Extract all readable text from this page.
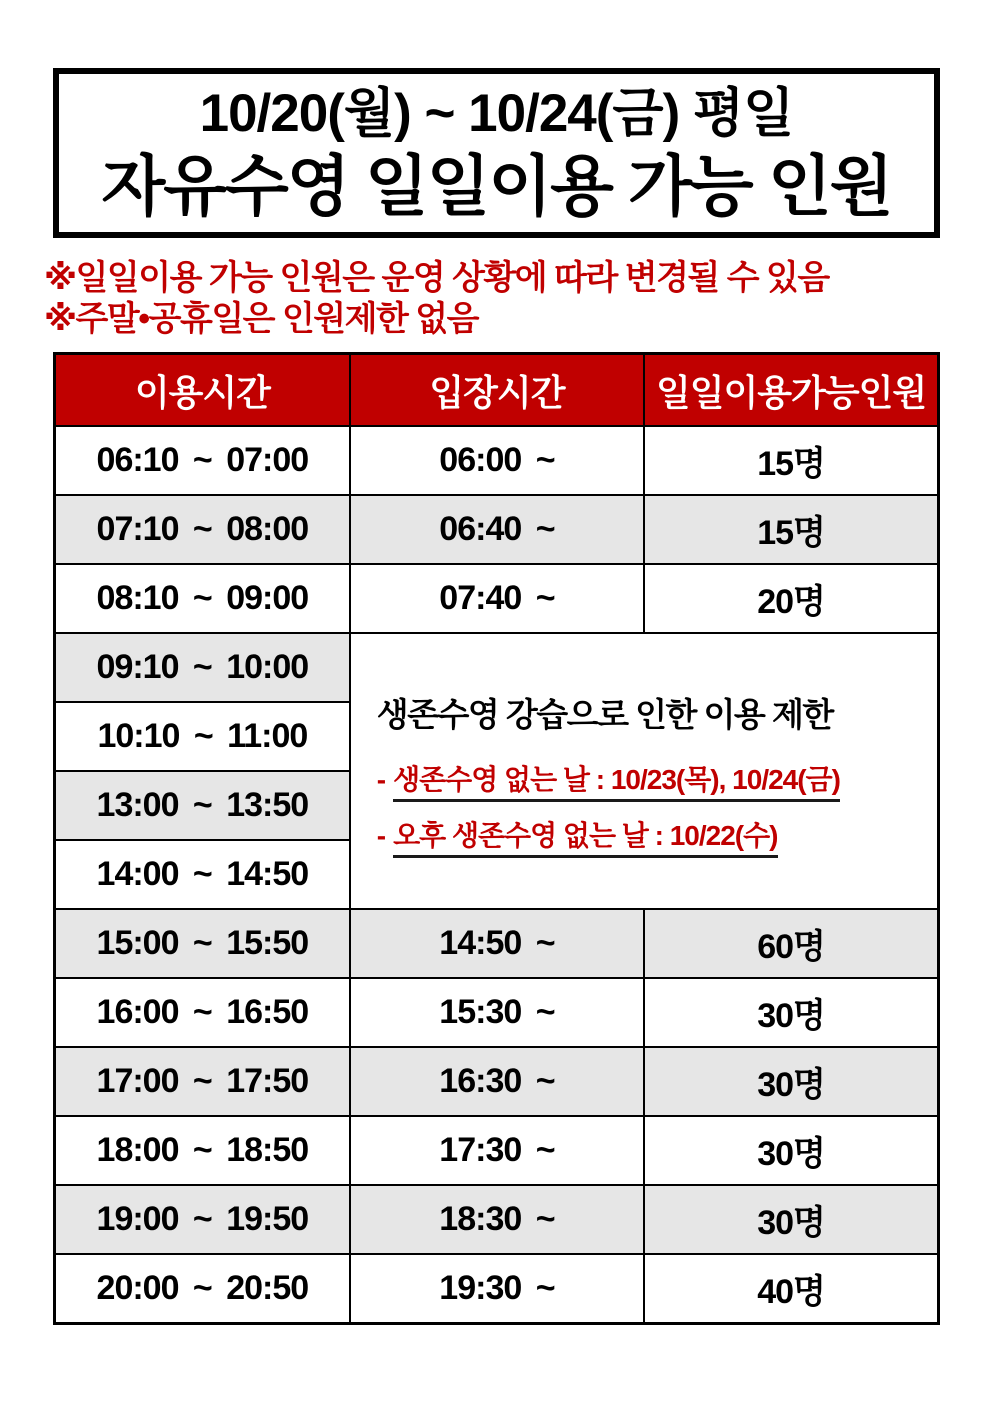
10/20(월) ~ 10/24(금) 평일
자유수영 일일이용 가능 인원
※일일이용 가능 인원은 운영 상황에 따라 변경될 수 있음
※주말•공휴일은 인원제한 없음
이용시간	입장시간	일일이용가능인원
06:10 ~ 07:00	06:00 ~	15명
07:10 ~ 08:00	06:40 ~	15명
08:10 ~ 09:00	07:40 ~	20명
09:10 ~ 10:00	생존수영 강습으로 인한 이용 제한
- 생존수영 없는 날 : 10/23(목), 10/24(금)
- 오후 생존수영 없는 날 : 10/22(수)	

10:10 ~ 11:00		
13:00 ~ 13:50		
14:00 ~ 14:50		
15:00 ~ 15:50	14:50 ~	60명
16:00 ~ 16:50	15:30 ~	30명
17:00 ~ 17:50	16:30 ~	30명
18:00 ~ 18:50	17:30 ~	30명
19:00 ~ 19:50	18:30 ~	30명
20:00 ~ 20:50	19:30 ~	40명
